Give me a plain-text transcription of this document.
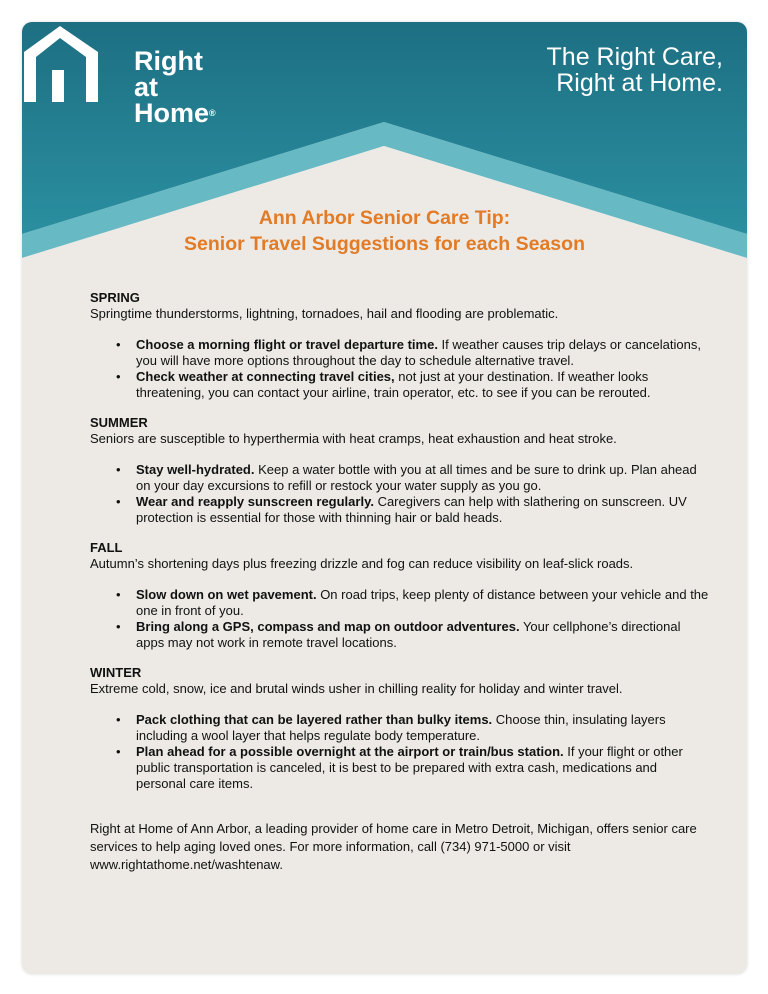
Right
at
Home®
The Right Care,
Right at Home.
Ann Arbor Senior Care Tip:
Senior Travel Suggestions for each Season
SPRING
Springtime thunderstorms, lightning, tornadoes, hail and flooding are problematic.
• Choose a morning flight or travel departure time. If weather causes trip delays or cancelations, you will have more options throughout the day to schedule alternative travel.
• Check weather at connecting travel cities, not just at your destination. If weather looks threatening, you can contact your airline, train operator, etc. to see if you can be rerouted.
SUMMER
Seniors are susceptible to hyperthermia with heat cramps, heat exhaustion and heat stroke.
• Stay well-hydrated. Keep a water bottle with you at all times and be sure to drink up. Plan ahead on your day excursions to refill or restock your water supply as you go.
• Wear and reapply sunscreen regularly. Caregivers can help with slathering on sunscreen. UV protection is essential for those with thinning hair or bald heads.
FALL
Autumn’s shortening days plus freezing drizzle and fog can reduce visibility on leaf-slick roads.
• Slow down on wet pavement. On road trips, keep plenty of distance between your vehicle and the one in front of you.
• Bring along a GPS, compass and map on outdoor adventures. Your cellphone’s directional apps may not work in remote travel locations.
WINTER
Extreme cold, snow, ice and brutal winds usher in chilling reality for holiday and winter travel.
• Pack clothing that can be layered rather than bulky items. Choose thin, insulating layers including a wool layer that helps regulate body temperature.
• Plan ahead for a possible overnight at the airport or train/bus station. If your flight or other public transportation is canceled, it is best to be prepared with extra cash, medications and personal care items.
Right at Home of Ann Arbor, a leading provider of home care in Metro Detroit, Michigan, offers senior care services to help aging loved ones. For more information, call (734) 971-5000 or visit www.rightathome.net/washtenaw.
